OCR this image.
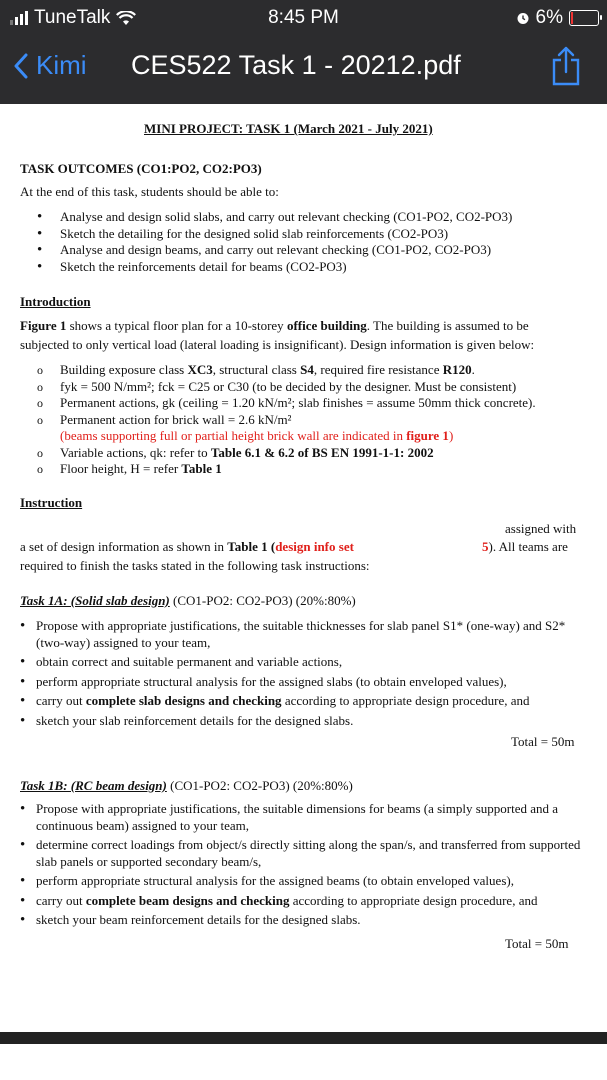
TuneTalk	8:45 PM	6%
Kimi CES522 Task 1 - 20212.pdf
MINI PROJECT: TASK 1 (March 2021 - July 2021)
TASK OUTCOMES (CO1:PO2, CO2:PO3)
At the end of this task, students should be able to:
• Analyse and design solid slabs, and carry out relevant checking (CO1-PO2, CO2-PO3)
• Sketch the detailing for the designed solid slab reinforcements (CO2-PO3)
• Analyse and design beams, and carry out relevant checking (CO1-PO2, CO2-PO3)
• Sketch the reinforcements detail for beams (CO2-PO3)
Introduction
Figure 1 shows a typical floor plan for a 10-storey office building. The building is assumed to be
subjected to only vertical load (lateral loading is insignificant). Design information is given below:
o Building exposure class XC3, structural class S4, required fire resistance R120.
o fyk = 500 N/mm²; fck = C25 or C30 (to be decided by the designer. Must be consistent)
o Permanent actions, gk (ceiling = 1.20 kN/m²; slab finishes = assume 50mm thick concrete).
o Permanent action for brick wall = 2.6 kN/m²
(beams supporting full or partial height brick wall are indicated in figure 1)
o Variable actions, qk: refer to Table 6.1 & 6.2 of BS EN 1991-1-1: 2002
o Floor height, H = refer Table 1
Instruction
assigned with
a set of design information as shown in Table 1 (design info set	5). All teams are
required to finish the tasks stated in the following task instructions:
Task 1A: (Solid slab design) (CO1-PO2: CO2-PO3) (20%:80%)
• Propose with appropriate justifications, the suitable thicknesses for slab panel S1* (one-way) and S2* (two-way) assigned to your team,
• obtain correct and suitable permanent and variable actions,
• perform appropriate structural analysis for the assigned slabs (to obtain enveloped values),
• carry out complete slab designs and checking according to appropriate design procedure, and
• sketch your slab reinforcement details for the designed slabs.
Total = 50m
Task 1B: (RC beam design) (CO1-PO2: CO2-PO3) (20%:80%)
• Propose with appropriate justifications, the suitable dimensions for beams (a simply supported and a continuous beam) assigned to your team,
• determine correct loadings from object/s directly sitting along the span/s, and transferred from supported slab panels or supported secondary beam/s,
• perform appropriate structural analysis for the assigned beams (to obtain enveloped values),
• carry out complete beam designs and checking according to appropriate design procedure, and
• sketch your beam reinforcement details for the designed slabs.
Total = 50m
